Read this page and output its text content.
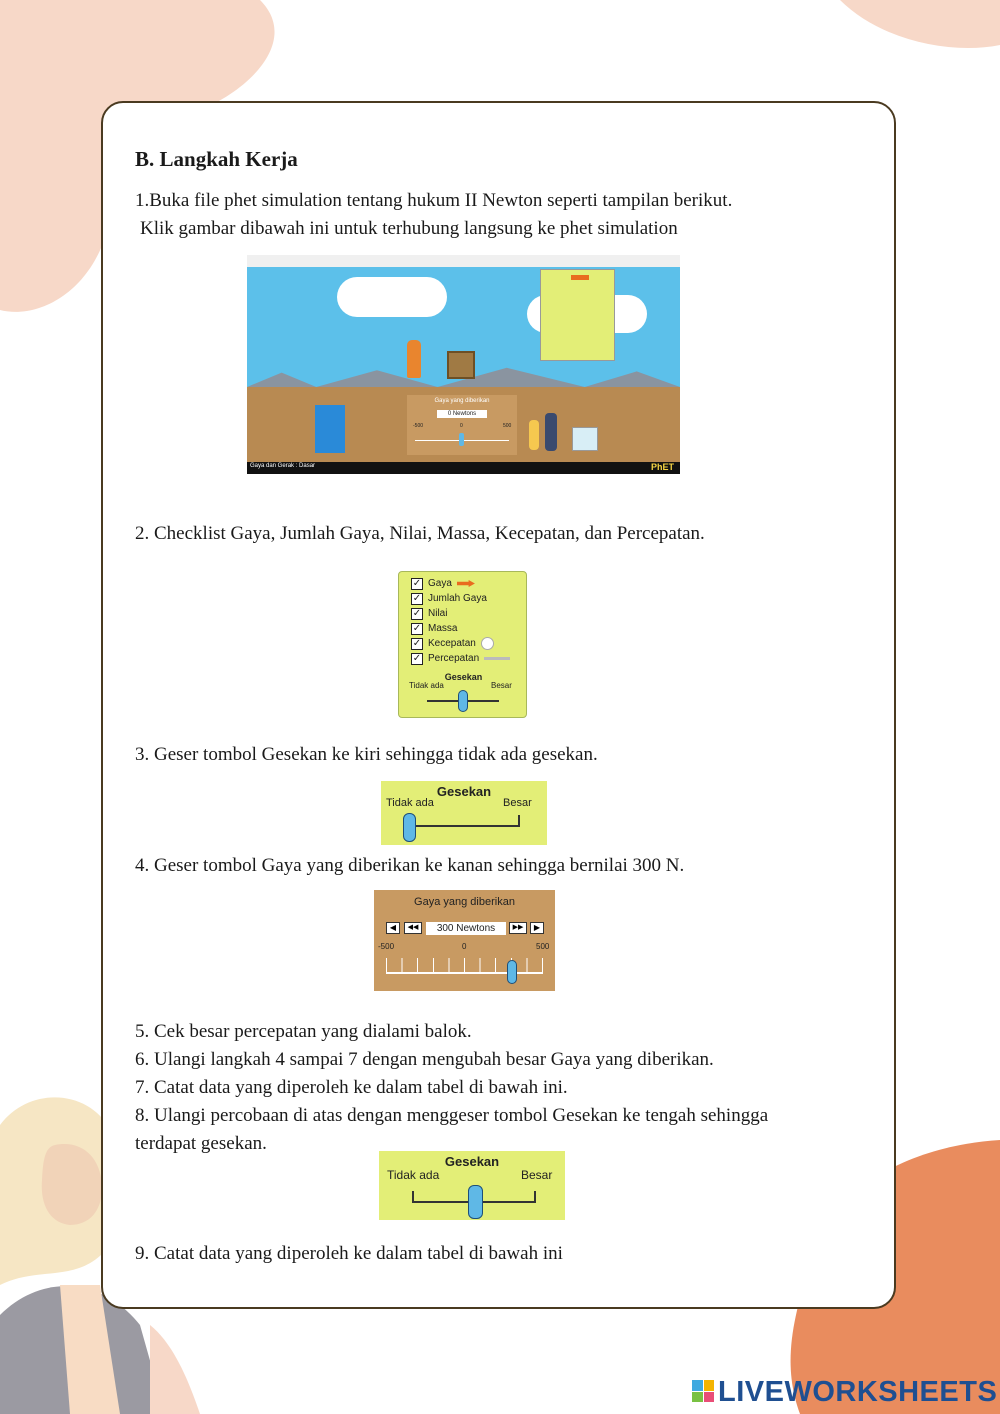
B. Langkah Kerja

1.Buka file phet simulation tentang hukum II Newton seperti tampilan berikut.

Klik gambar dibawah ini untuk terhubung langsung ke phet simulation

Gaya yang diberikan
0 Newtons
-500	0	500
Gaya dan Gerak : Dasar	PhET

2. Checklist Gaya, Jumlah Gaya, Nilai, Massa, Kecepatan, dan Percepatan.

✓ Gaya
✓ Jumlah Gaya
✓ Nilai
✓ Massa
✓ Kecepatan
✓ Percepatan
Gesekan
Tidak ada	Besar

3. Geser tombol Gesekan ke kiri sehingga tidak ada gesekan.

Gesekan
Tidak ada	Besar

4. Geser tombol Gaya yang diberikan ke kanan sehingga bernilai 300 N.

Gaya yang diberikan
◀	◀◀	300 Newtons	▶▶	▶
-500	0	500

5. Cek besar percepatan yang dialami balok.

6. Ulangi langkah 4 sampai 7 dengan mengubah besar Gaya yang diberikan.

7. Catat data yang diperoleh ke dalam tabel di bawah ini.

8. Ulangi percobaan di atas dengan menggeser tombol Gesekan ke tengah sehingga

terdapat gesekan.

Gesekan
Tidak ada	Besar

9. Catat data yang diperoleh ke dalam tabel di bawah ini

LIVEWORKSHEETS
